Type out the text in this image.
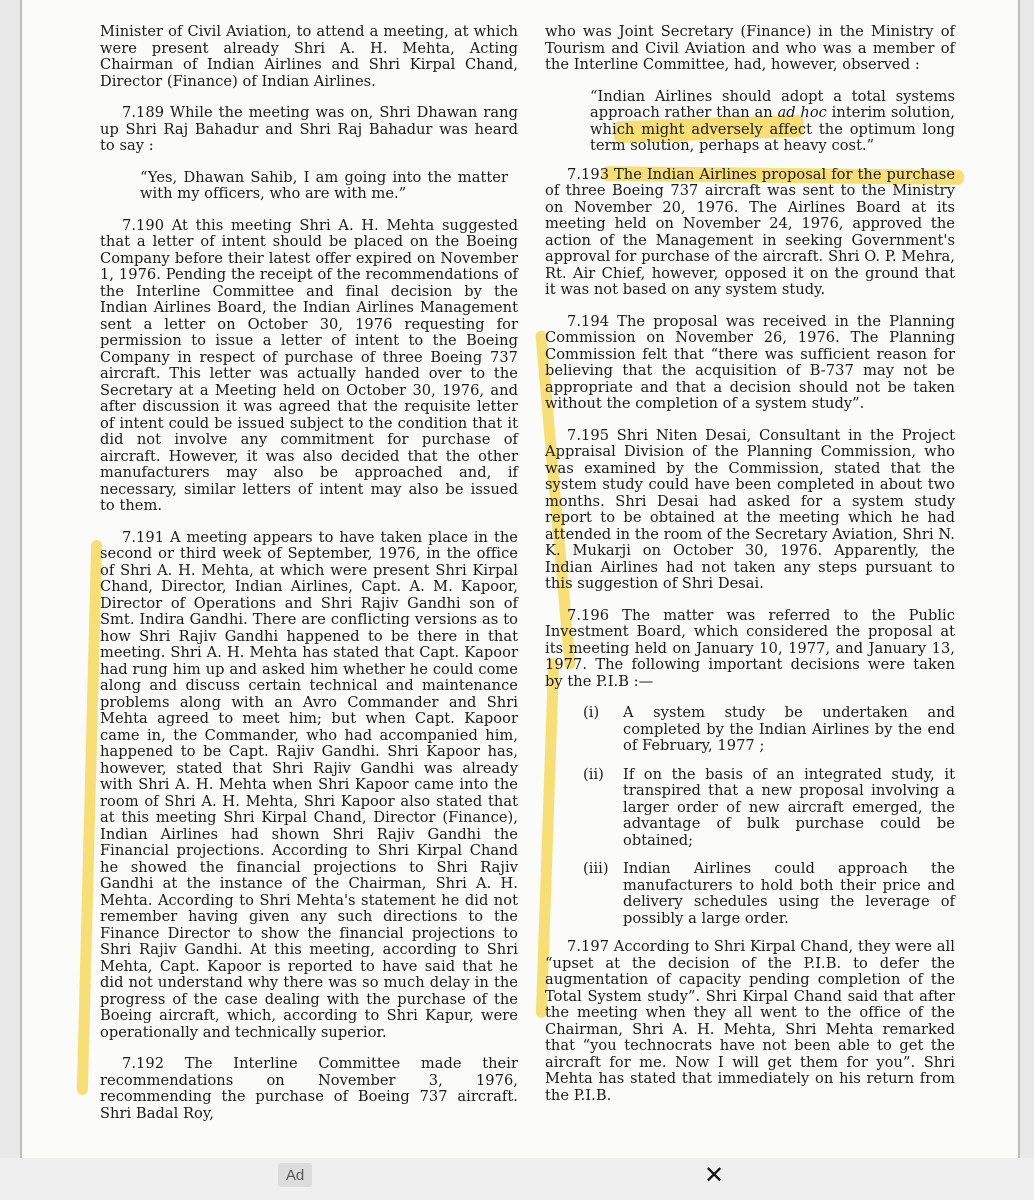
Minister of Civil Aviation, to attend a meeting, at which were present already Shri A. H. Mehta, Acting Chairman of Indian Airlines and Shri Kirpal Chand, Director (Finance) of Indian Airlines.

7.189 While the meeting was on, Shri Dhawan rang up Shri Raj Bahadur and Shri Raj Bahadur was heard to say :

“Yes, Dhawan Sahib, I am going into the matter with my officers, who are with me.”

7.190 At this meeting Shri A. H. Mehta suggested that a letter of intent should be placed on the Boeing Company before their latest offer expired on November 1, 1976. Pending the receipt of the recommendations of the Interline Committee and final decision by the Indian Airlines Board, the Indian Airlines Management sent a letter on October 30, 1976 requesting for permission to issue a letter of intent to the Boeing Company in respect of purchase of three Boeing 737 aircraft. This letter was actually handed over to the Secretary at a Meeting held on October 30, 1976, and after discussion it was agreed that the requisite letter of intent could be issued subject to the condition that it did not involve any commitment for purchase of aircraft. However, it was also decided that the other manufacturers may also be approached and, if necessary, similar letters of intent may also be issued to them.

7.191 A meeting appears to have taken place in the second or third week of September, 1976, in the office of Shri A. H. Mehta, at which were present Shri Kirpal Chand, Director, Indian Airlines, Capt. A. M. Kapoor, Director of Operations and Shri Rajiv Gandhi son of Smt. Indira Gandhi. There are conflicting versions as to how Shri Rajiv Gandhi happened to be there in that meeting. Shri A. H. Mehta has stated that Capt. Kapoor had rung him up and asked him whether he could come along and discuss certain technical and maintenance problems along with an Avro Commander and Shri Mehta agreed to meet him; but when Capt. Kapoor came in, the Commander, who had accompanied him, happened to be Capt. Rajiv Gandhi. Shri Kapoor has, however, stated that Shri Rajiv Gandhi was already with Shri A. H. Mehta when Shri Kapoor came into the room of Shri A. H. Mehta, Shri Kapoor also stated that at this meeting Shri Kirpal Chand, Director (Finance), Indian Airlines had shown Shri Rajiv Gandhi the Financial projections. According to Shri Kirpal Chand he showed the financial projections to Shri Rajiv Gandhi at the instance of the Chairman, Shri A. H. Mehta. According to Shri Mehta's statement he did not remember having given any such directions to the Finance Director to show the financial projections to Shri Rajiv Gandhi. At this meeting, according to Shri Mehta, Capt. Kapoor is reported to have said that he did not understand why there was so much delay in the progress of the case dealing with the purchase of the Boeing aircraft, which, according to Shri Kapur, were operationally and technically superior.

7.192 The Interline Committee made their recommendations on November 3, 1976, recommending the purchase of Boeing 737 aircraft. Shri Badal Roy,

who was Joint Secretary (Finance) in the Ministry of Tourism and Civil Aviation and who was a member of the Interline Committee, had, however, observed :

“Indian Airlines should adopt a total systems approach rather than an ad hoc interim solution, which might adversely affect the optimum long term solution, perhaps at heavy cost.”

7.193 The Indian Airlines proposal for the purchase of three Boeing 737 aircraft was sent to the Ministry on November 20, 1976. The Airlines Board at its meeting held on November 24, 1976, approved the action of the Management in seeking Government's approval for purchase of the aircraft. Shri O. P. Mehra, Rt. Air Chief, however, opposed it on the ground that it was not based on any system study.

7.194 The proposal was received in the Planning Commission on November 26, 1976. The Planning Commission felt that “there was sufficient reason for believing that the acquisition of B-737 may not be appropriate and that a decision should not be taken without the completion of a system study”.

7.195 Shri Niten Desai, Consultant in the Project Appraisal Division of the Planning Commission, who was examined by the Commission, stated that the system study could have been completed in about two months. Shri Desai had asked for a system study report to be obtained at the meeting which he had attended in the room of the Secretary Aviation, Shri N. K. Mukarji on October 30, 1976. Apparently, the Indian Airlines had not taken any steps pursuant to this suggestion of Shri Desai.

7.196 The matter was referred to the Public Investment Board, which considered the proposal at its meeting held on January 10, 1977, and January 13, 1977. The following important decisions were taken by the P.I.B :—

(i)	A system study be undertaken and completed by the Indian Airlines by the end of February, 1977 ;
(ii)	If on the basis of an integrated study, it transpired that a new proposal involving a larger order of new aircraft emerged, the advantage of bulk purchase could be obtained;
(iii) Indian Airlines could approach the manufacturers to hold both their price and delivery schedules using the leverage of possibly a large order.

7.197 According to Shri Kirpal Chand, they were all “upset at the decision of the P.I.B. to defer the augmentation of capacity pending completion of the Total System study”. Shri Kirpal Chand said that after the meeting when they all went to the office of the Chairman, Shri A. H. Mehta, Shri Mehta remarked that “you technocrats have not been able to get the aircraft for me. Now I will get them for you”. Shri Mehta has stated that immediately on his return from the P.I.B.

Ad	✕
